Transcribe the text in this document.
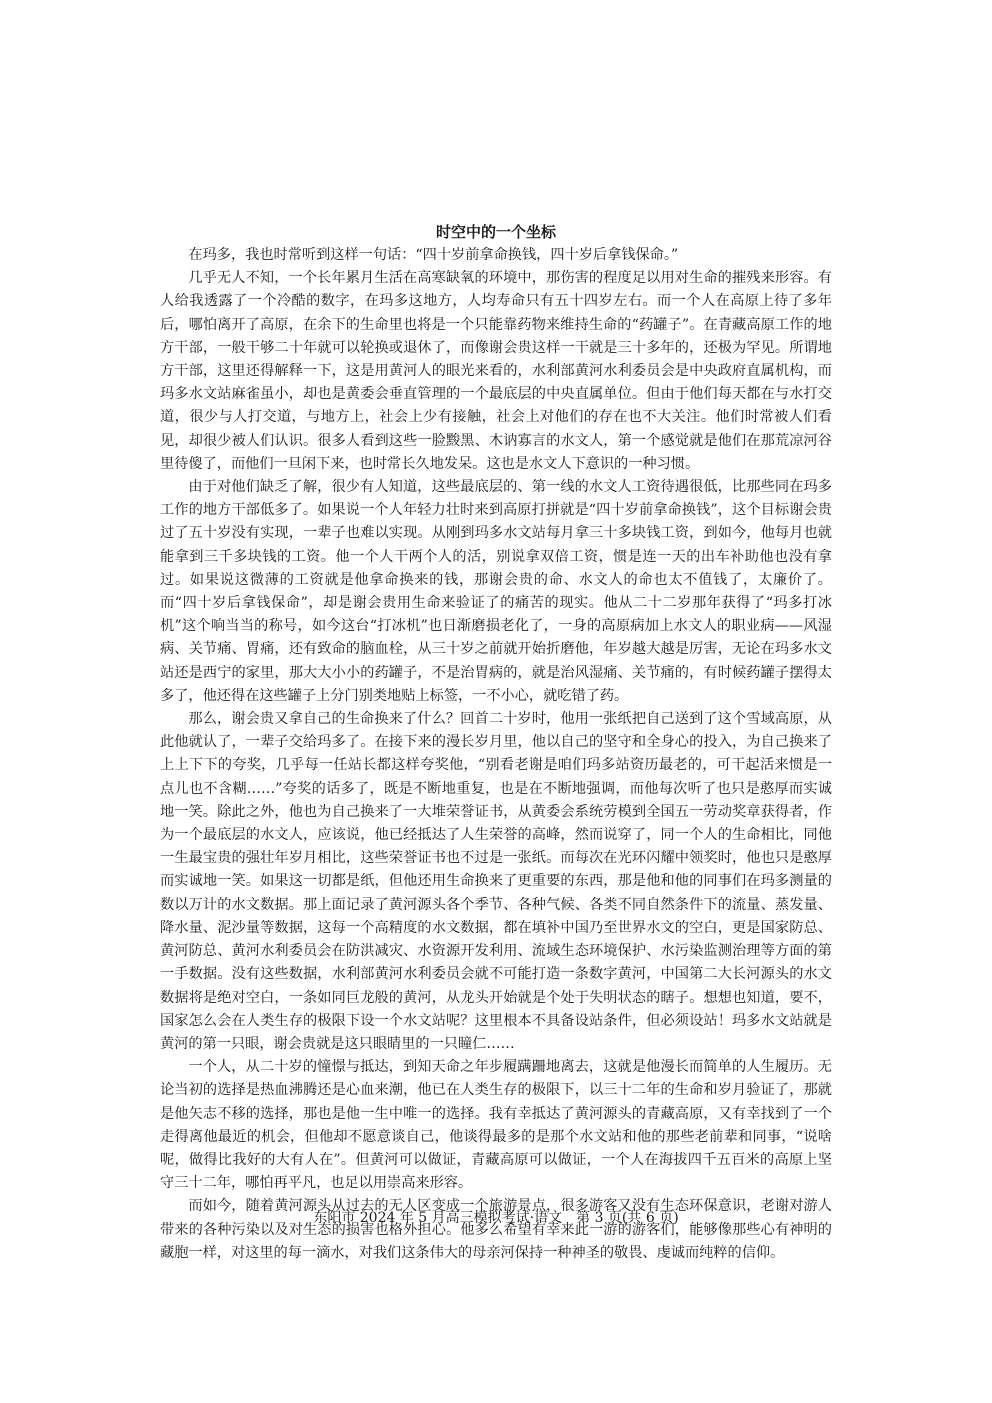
时空中的一个坐标

在玛多，我也时常听到这样一句话：“四十岁前拿命换钱，四十岁后拿钱保命。”

几乎无人不知，一个长年累月生活在高寒缺氧的环境中，那伤害的程度足以用对生命的摧残来形容。有人给我透露了一个冷酷的数字，在玛多这地方，人均寿命只有五十四岁左右。而一个人在高原上待了多年后，哪怕离开了高原，在余下的生命里也将是一个只能靠药物来维持生命的“药罐子”。在青藏高原工作的地方干部，一般干够二十年就可以轮换或退休了，而像谢会贵这样一干就是三十多年的，还极为罕见。所谓地方干部，这里还得解释一下，这是用黄河人的眼光来看的，水利部黄河水利委员会是中央政府直属机构，而玛多水文站麻雀虽小，却也是黄委会垂直管理的一个最底层的中央直属单位。但由于他们每天都在与水打交道，很少与人打交道，与地方上，社会上少有接触，社会上对他们的存在也不大关注。他们时常被人们看见，却很少被人们认识。很多人看到这些一脸黢黑、木讷寡言的水文人，第一个感觉就是他们在那荒凉河谷里待傻了，而他们一旦闲下来，也时常长久地发呆。这也是水文人下意识的一种习惯。

由于对他们缺乏了解，很少有人知道，这些最底层的、第一线的水文人工资待遇很低，比那些同在玛多工作的地方干部低多了。如果说一个人年轻力壮时来到高原打拼就是“四十岁前拿命换钱”，这个目标谢会贵过了五十岁没有实现，一辈子也难以实现。从刚到玛多水文站每月拿三十多块钱工资，到如今，他每月也就能拿到三千多块钱的工资。他一个人干两个人的活，别说拿双倍工资，惯是连一天的出车补助他也没有拿过。如果说这微薄的工资就是他拿命换来的钱，那谢会贵的命、水文人的命也太不值钱了，太廉价了。而“四十岁后拿钱保命”，却是谢会贵用生命来验证了的痛苦的现实。他从二十二岁那年获得了“玛多打冰机”这个响当当的称号，如今这台“打冰机”也日渐磨损老化了，一身的高原病加上水文人的职业病——风湿病、关节痛、胃痛，还有致命的脑血栓，从三十岁之前就开始折磨他，年岁越大越是厉害，无论在玛多水文站还是西宁的家里，那大大小小的药罐子，不是治胃病的，就是治风湿痛、关节痛的，有时候药罐子摆得太多了，他还得在这些罐子上分门别类地贴上标签，一不小心，就吃错了药。

那么，谢会贵又拿自己的生命换来了什么？回首二十岁时，他用一张纸把自己送到了这个雪域高原，从此他就认了，一辈子交给玛多了。在接下来的漫长岁月里，他以自己的坚守和全身心的投入，为自己换来了上上下下的夸奖，几乎每一任站长都这样夸奖他，“别看老谢是咱们玛多站资历最老的，可干起活来惯是一点儿也不含糊……”夸奖的话多了，既是不断地重复，也是在不断地强调，而他每次听了也只是憨厚而实诚地一笑。除此之外，他也为自己换来了一大堆荣誉证书，从黄委会系统劳模到全国五一劳动奖章获得者，作为一个最底层的水文人，应该说，他已经抵达了人生荣誉的高峰，然而说穿了，同一个人的生命相比，同他一生最宝贵的强壮年岁月相比，这些荣誉证书也不过是一张纸。而每次在光环闪耀中领奖时，他也只是憨厚而实诚地一笑。如果这一切都是纸，但他还用生命换来了更重要的东西，那是他和他的同事们在玛多测量的数以万计的水文数据。那上面记录了黄河源头各个季节、各种气候、各类不同自然条件下的流量、蒸发量、降水量、泥沙量等数据，这每一个高精度的水文数据，都在填补中国乃至世界水文的空白，更是国家防总、黄河防总、黄河水利委员会在防洪减灾、水资源开发利用、流域生态环境保护、水污染监测治理等方面的第一手数据。没有这些数据，水利部黄河水利委员会就不可能打造一条数字黄河，中国第二大长河源头的水文数据将是绝对空白，一条如同巨龙般的黄河，从龙头开始就是个处于失明状态的瞎子。想想也知道，要不，国家怎么会在人类生存的极限下设一个水文站呢？这里根本不具备设站条件，但必须设站！玛多水文站就是黄河的第一只眼，谢会贵就是这只眼睛里的一只瞳仁……

一个人，从二十岁的憧憬与抵达，到知天命之年步履蹒跚地离去，这就是他漫长而简单的人生履历。无论当初的选择是热血沸腾还是心血来潮，他已在人类生存的极限下，以三十二年的生命和岁月验证了，那就是他矢志不移的选择，那也是他一生中唯一的选择。我有幸抵达了黄河源头的青藏高原，又有幸找到了一个走得离他最近的机会，但他却不愿意谈自己，他谈得最多的是那个水文站和他的那些老前辈和同事，“说啥呢，做得比我好的大有人在”。但黄河可以做证，青藏高原可以做证，一个人在海拔四千五百米的高原上坚守三十二年，哪怕再平凡，也足以用崇高来形容。

而如今，随着黄河源头从过去的无人区变成一个旅游景点，很多游客又没有生态环保意识，老谢对游人带来的各种污染以及对生态的损害也格外担心。他多么希望有幸来此一游的游客们，能够像那些心有神明的藏胞一样，对这里的每一滴水，对我们这条伟大的母亲河保持一种神圣的敬畏、虔诚而纯粹的信仰。

东阳市 2024 年 5 月高三模拟考试·语文　第 3 页(共 6 页)
